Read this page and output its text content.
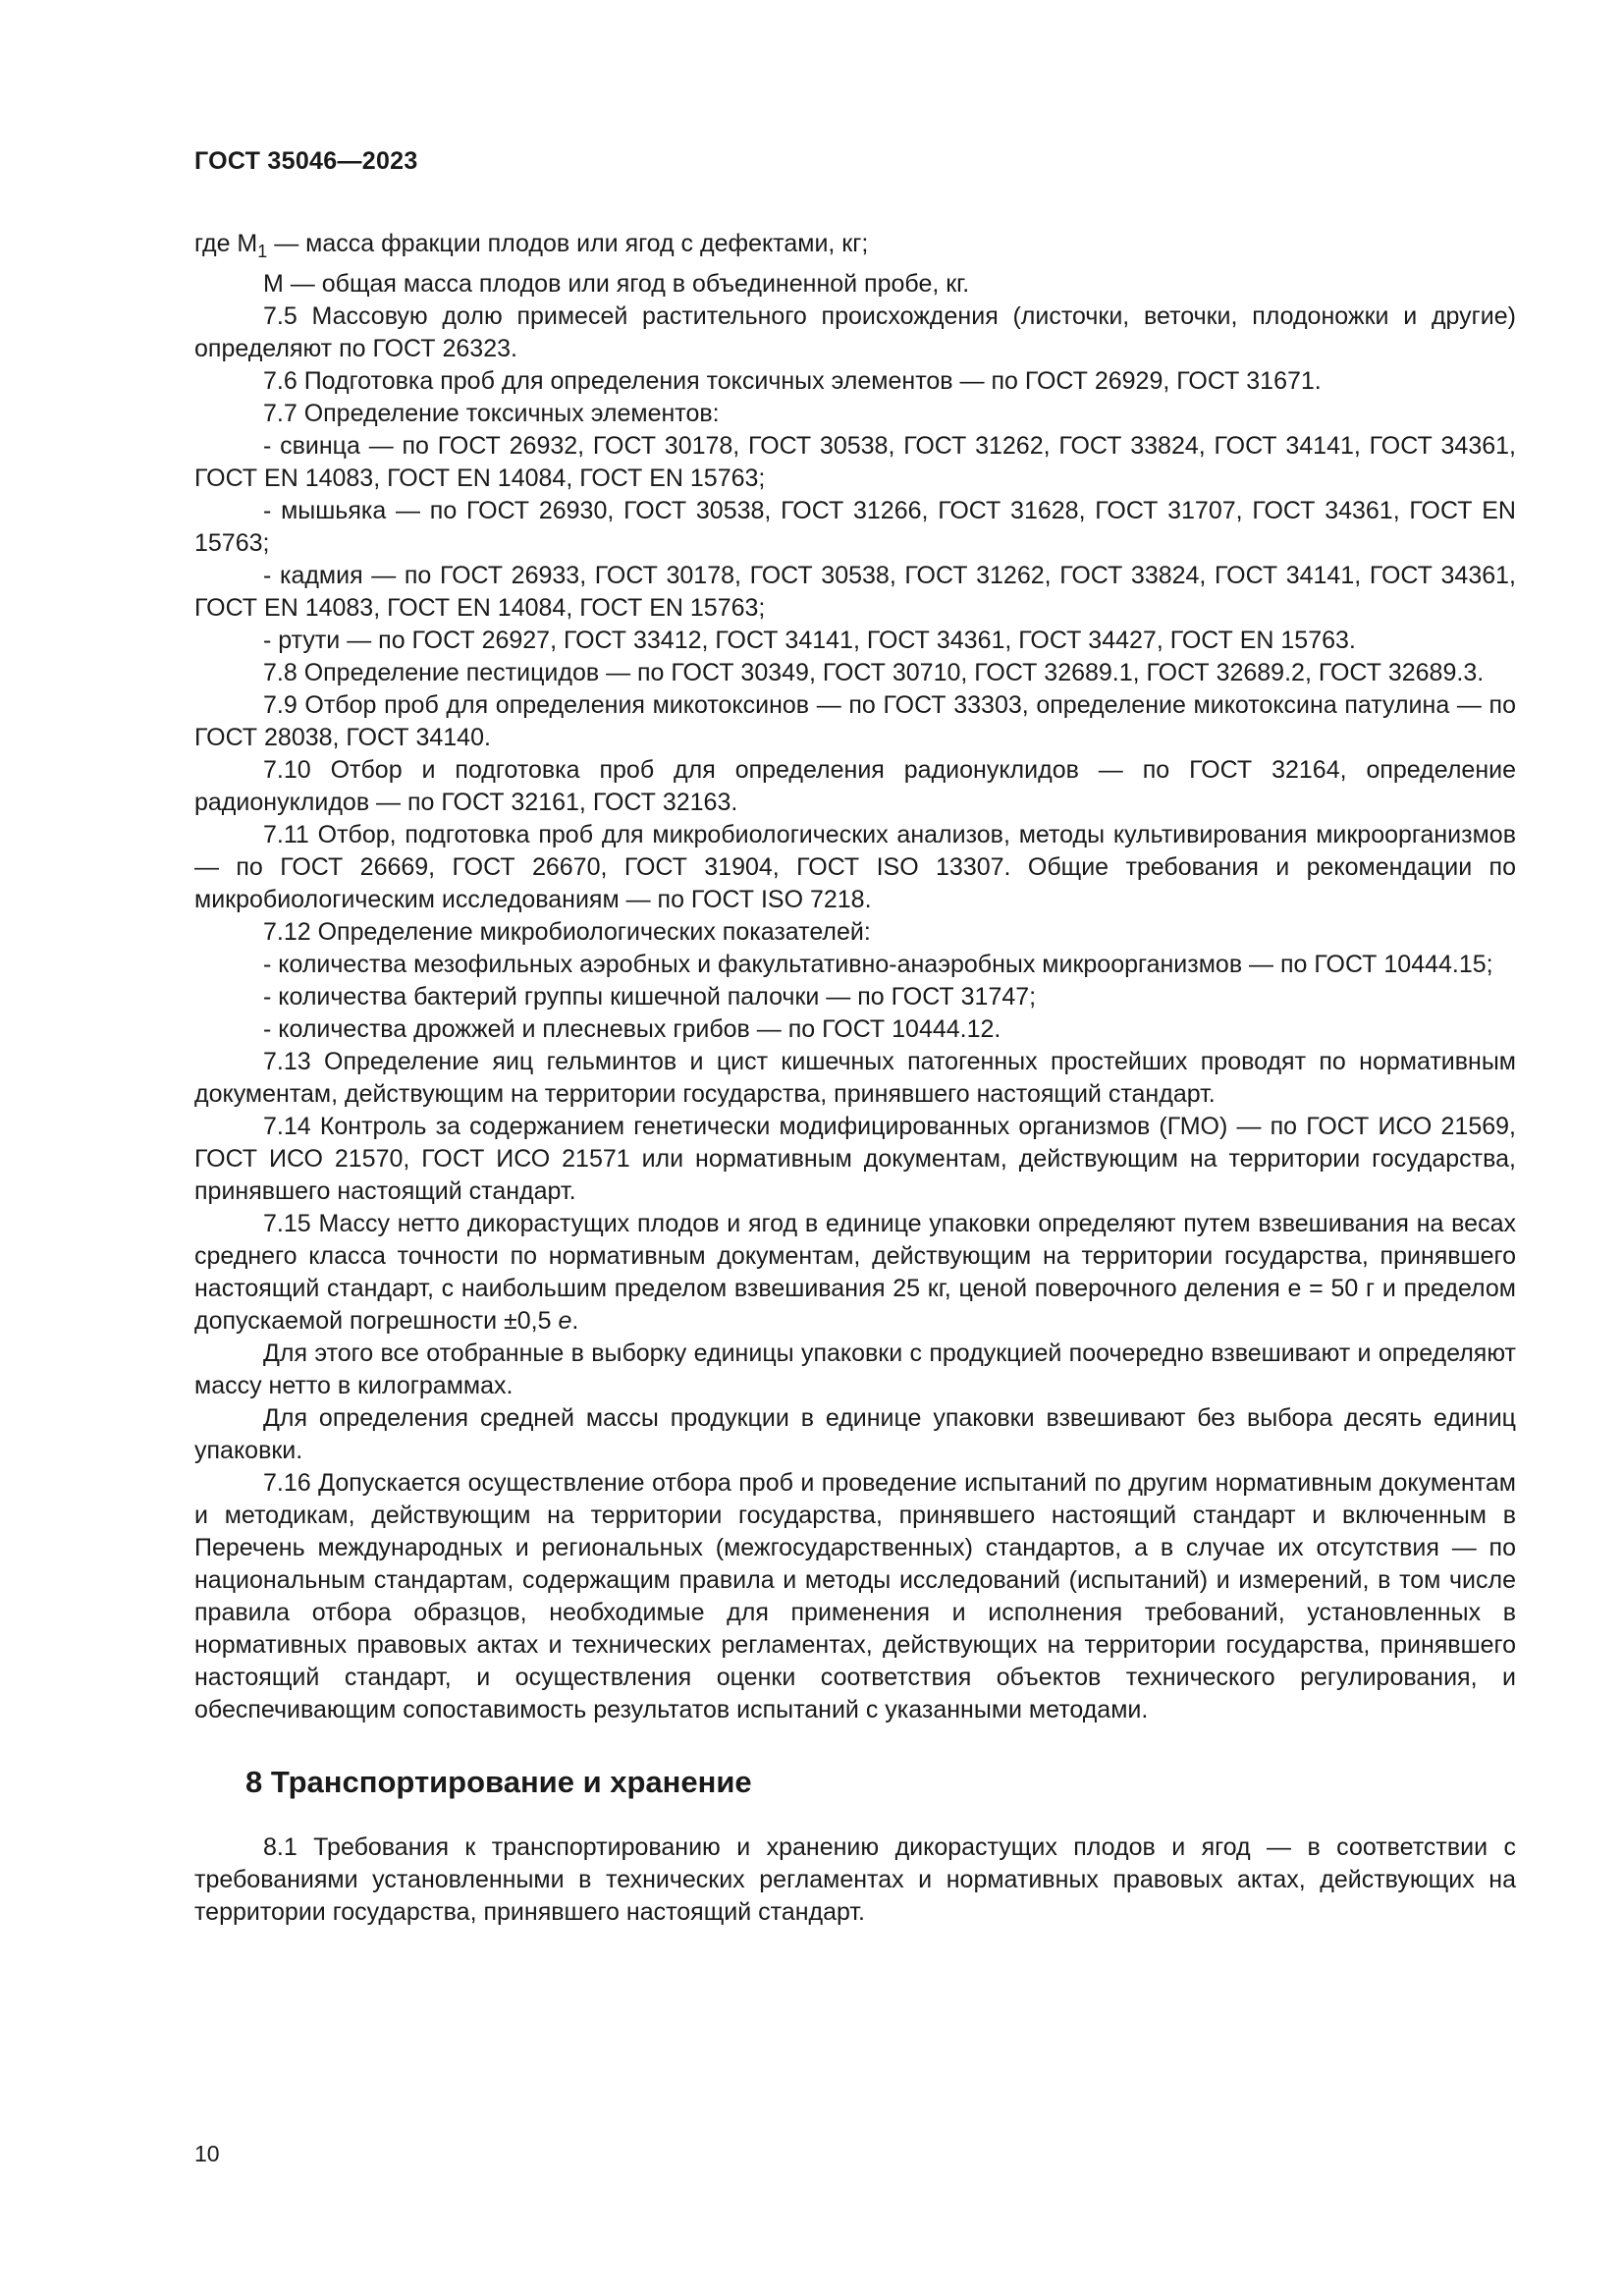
ГОСТ 35046—2023

где $M_1$ — масса фракции плодов или ягод с дефектами, кг;

M — общая масса плодов или ягод в объединенной пробе, кг.

7.5 Массовую долю примесей растительного происхождения (листочки, веточки, плодоножки и другие) определяют по ГОСТ 26323.

7.6 Подготовка проб для определения токсичных элементов — по ГОСТ 26929, ГОСТ 31671.

7.7 Определение токсичных элементов:

- свинца — по ГОСТ 26932, ГОСТ 30178, ГОСТ 30538, ГОСТ 31262, ГОСТ 33824, ГОСТ 34141, ГОСТ 34361, ГОСТ EN 14083, ГОСТ EN 14084, ГОСТ EN 15763;

- мышьяка — по ГОСТ 26930, ГОСТ 30538, ГОСТ 31266, ГОСТ 31628, ГОСТ 31707, ГОСТ 34361, ГОСТ EN 15763;

- кадмия — по ГОСТ 26933, ГОСТ 30178, ГОСТ 30538, ГОСТ 31262, ГОСТ 33824, ГОСТ 34141, ГОСТ 34361, ГОСТ EN 14083, ГОСТ EN 14084, ГОСТ EN 15763;

- ртути — по ГОСТ 26927, ГОСТ 33412, ГОСТ 34141, ГОСТ 34361, ГОСТ 34427, ГОСТ EN 15763.

7.8 Определение пестицидов — по ГОСТ 30349, ГОСТ 30710, ГОСТ 32689.1, ГОСТ 32689.2, ГОСТ 32689.3.

7.9 Отбор проб для определения микотоксинов — по ГОСТ 33303, определение микотоксина патулина — по ГОСТ 28038, ГОСТ 34140.

7.10 Отбор и подготовка проб для определения радионуклидов — по ГОСТ 32164, определение радионуклидов — по ГОСТ 32161, ГОСТ 32163.

7.11 Отбор, подготовка проб для микробиологических анализов, методы культивирования микроорганизмов — по ГОСТ 26669, ГОСТ 26670, ГОСТ 31904, ГОСТ ISO 13307. Общие требования и рекомендации по микробиологическим исследованиям — по ГОСТ ISO 7218.

7.12 Определение микробиологических показателей:

- количества мезофильных аэробных и факультативно-анаэробных микроорганизмов — по ГОСТ 10444.15;

- количества бактерий группы кишечной палочки — по ГОСТ 31747;

- количества дрожжей и плесневых грибов — по ГОСТ 10444.12.

7.13 Определение яиц гельминтов и цист кишечных патогенных простейших проводят по нормативным документам, действующим на территории государства, принявшего настоящий стандарт.

7.14 Контроль за содержанием генетически модифицированных организмов (ГМО) — по ГОСТ ИСО 21569, ГОСТ ИСО 21570, ГОСТ ИСО 21571 или нормативным документам, действующим на территории государства, принявшего настоящий стандарт.

7.15 Массу нетто дикорастущих плодов и ягод в единице упаковки определяют путем взвешивания на весах среднего класса точности по нормативным документам, действующим на территории государства, принявшего настоящий стандарт, с наибольшим пределом взвешивания 25 кг, ценой поверочного деления е = 50 г и пределом допускаемой погрешности ±0,5 е.

Для этого все отобранные в выборку единицы упаковки с продукцией поочередно взвешивают и определяют массу нетто в килограммах.

Для определения средней массы продукции в единице упаковки взвешивают без выбора десять единиц упаковки.

7.16 Допускается осуществление отбора проб и проведение испытаний по другим нормативным документам и методикам, действующим на территории государства, принявшего настоящий стандарт и включенным в Перечень международных и региональных (межгосударственных) стандартов, а в случае их отсутствия — по национальным стандартам, содержащим правила и методы исследований (испытаний) и измерений, в том числе правила отбора образцов, необходимые для применения и исполнения требований, установленных в нормативных правовых актах и технических регламентах, действующих на территории государства, принявшего настоящий стандарт, и осуществления оценки соответствия объектов технического регулирования, и обеспечивающим сопоставимость результатов испытаний с указанными методами.

8 Транспортирование и хранение

8.1 Требования к транспортированию и хранению дикорастущих плодов и ягод — в соответствии с требованиями установленными в технических регламентах и нормативных правовых актах, действующих на территории государства, принявшего настоящий стандарт.

10
